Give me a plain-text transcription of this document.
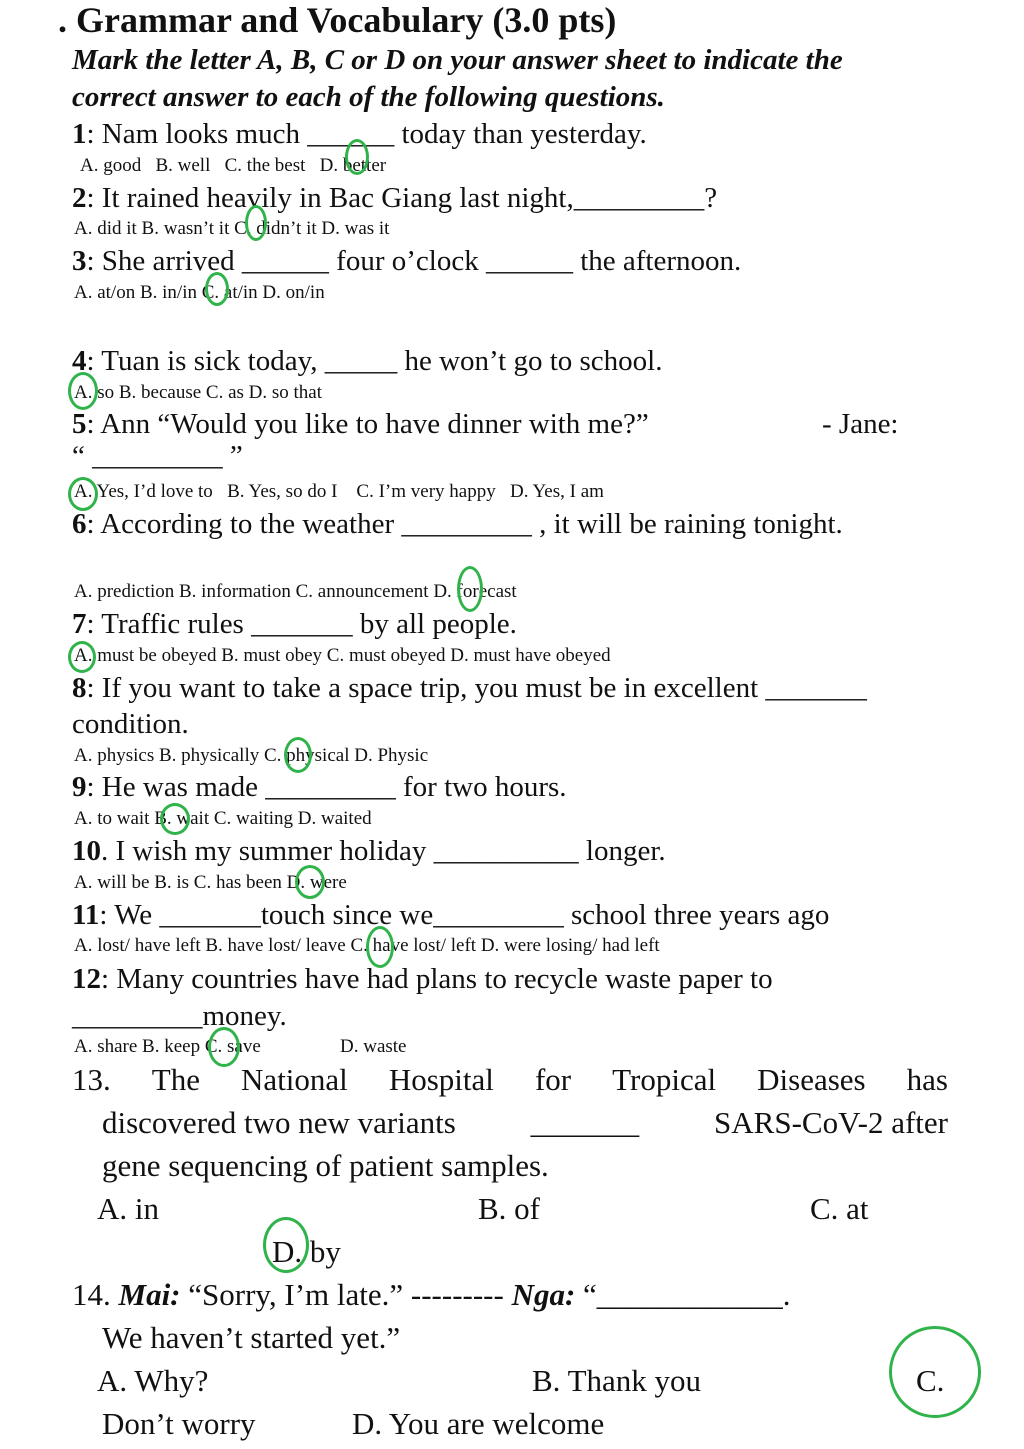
. Grammar and Vocabulary (3.0 pts)
Mark the letter A, B, C or D on your answer sheet to indicate the
correct answer to each of the following questions.
1: Nam looks much ______ today than yesterday.
A. good B. well C. the best D. better
2: It rained heavily in Bac Giang last night,_________?
A. did it B. wasn’t it C. didn’t it D. was it
3: She arrived ______ four o’clock ______ the afternoon.
A. at/on B. in/in C. at/in D. on/in
4: Tuan is sick today, _____ he won’t go to school.
A. so B. because C. as D. so that
5: Ann “Would you like to have dinner with me?”	- Jane:
“ _________ ”
A. Yes, I’d love to B. Yes, so do I C. I’m very happy D. Yes, I am
6: According to the weather _________ , it will be raining tonight.
A. prediction B. information C. announcement D. forecast
7: Traffic rules _______ by all people.
A. must be obeyed B. must obey C. must obeyed D. must have obeyed
8: If you want to take a space trip, you must be in excellent _______
condition.
A. physics B. physically C. physical D. Physic
9: He was made _________ for two hours.
A. to wait B. wait C. waiting D. waited
10. I wish my summer holiday __________ longer.
A. will be B. is C. has been D. were
11: We _______touch since we_________ school three years ago
A. lost/ have left B. have lost/ leave C. have lost/ left D. were losing/ had left
12: Many countries have had plans to recycle waste paper to
_________money.
A. share B. keep C. save	D. waste
13. The National Hospital for Tropical Diseases has
discovered two new variants _______ SARS-CoV-2 after
gene sequencing of patient samples.
A. in	B. of	C. at
D. by
14. Mai: “Sorry, I’m late.” --------- Nga: “____________.
We haven’t started yet.”
A. Why?	B. Thank you	C.
Don’t worry	D. You are welcome
